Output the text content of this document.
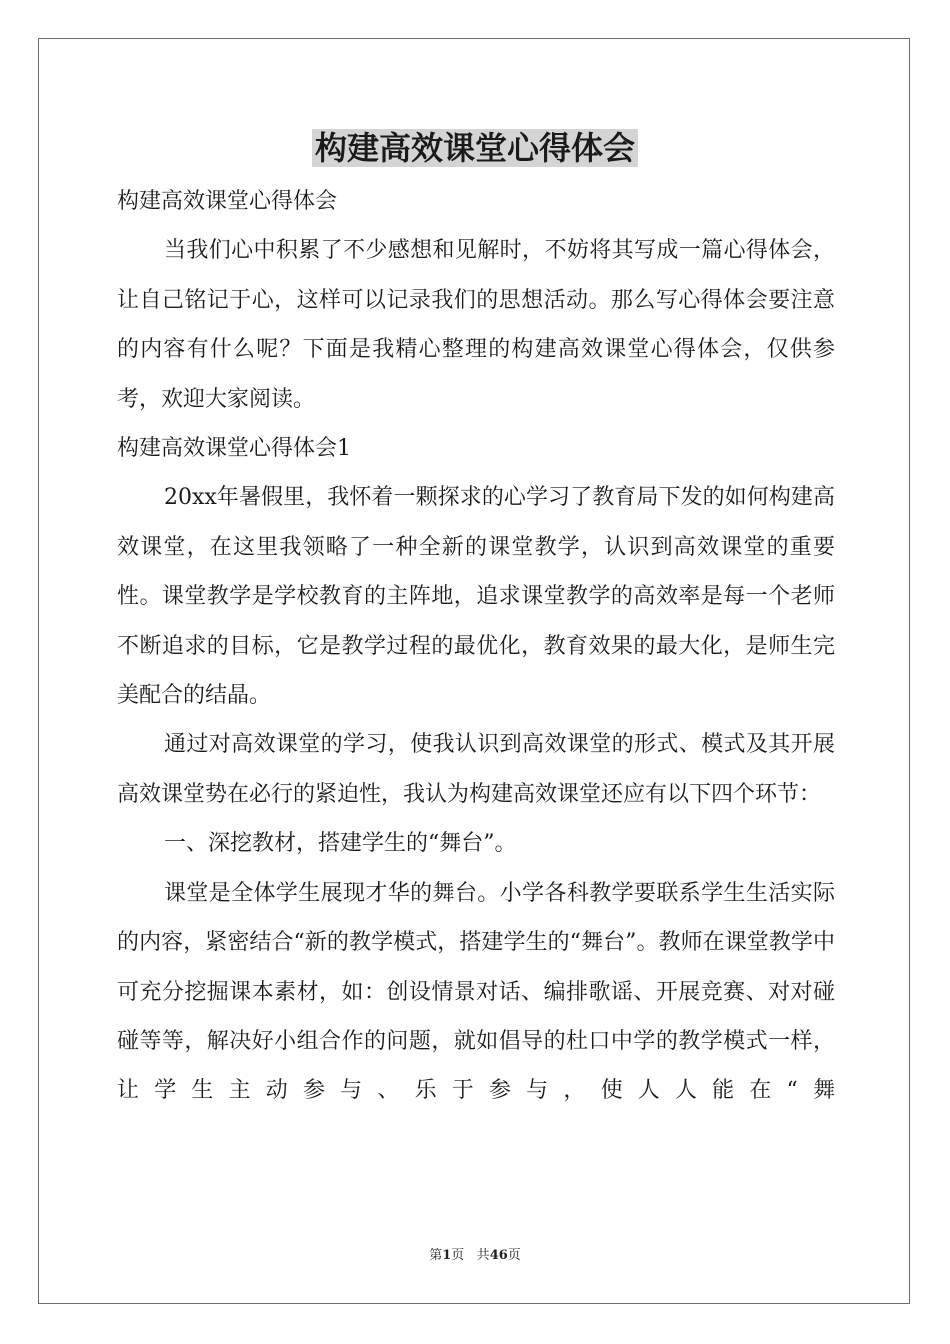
构建高效课堂心得体会

构建高效课堂心得体会

当我们心中积累了不少感想和见解时，不妨将其写成一篇心得体会，让自己铭记于心，这样可以记录我们的思想活动。那么写心得体会要注意的内容有什么呢？下面是我精心整理的构建高效课堂心得体会，仅供参考，欢迎大家阅读。

构建高效课堂心得体会1

20xx年暑假里，我怀着一颗探求的心学习了教育局下发的如何构建高效课堂，在这里我领略了一种全新的课堂教学，认识到高效课堂的重要性。课堂教学是学校教育的主阵地，追求课堂教学的高效率是每一个老师不断追求的目标，它是教学过程的最优化，教育效果的最大化，是师生完美配合的结晶。

通过对高效课堂的学习，使我认识到高效课堂的形式、模式及其开展高效课堂势在必行的紧迫性，我认为构建高效课堂还应有以下四个环节：

一、深挖教材，搭建学生的“舞台”。

课堂是全体学生展现才华的舞台。小学各科教学要联系学生生活实际的内容，紧密结合“新的教学模式，搭建学生的“舞台”。教师在课堂教学中可充分挖掘课本素材，如：创设情景对话、编排歌谣、开展竞赛、对对碰碰等等，解决好小组合作的问题，就如倡导的杜口中学的教学模式一样，让学生主动参与、乐于参与，使人人能在“舞

第1页 共46页
